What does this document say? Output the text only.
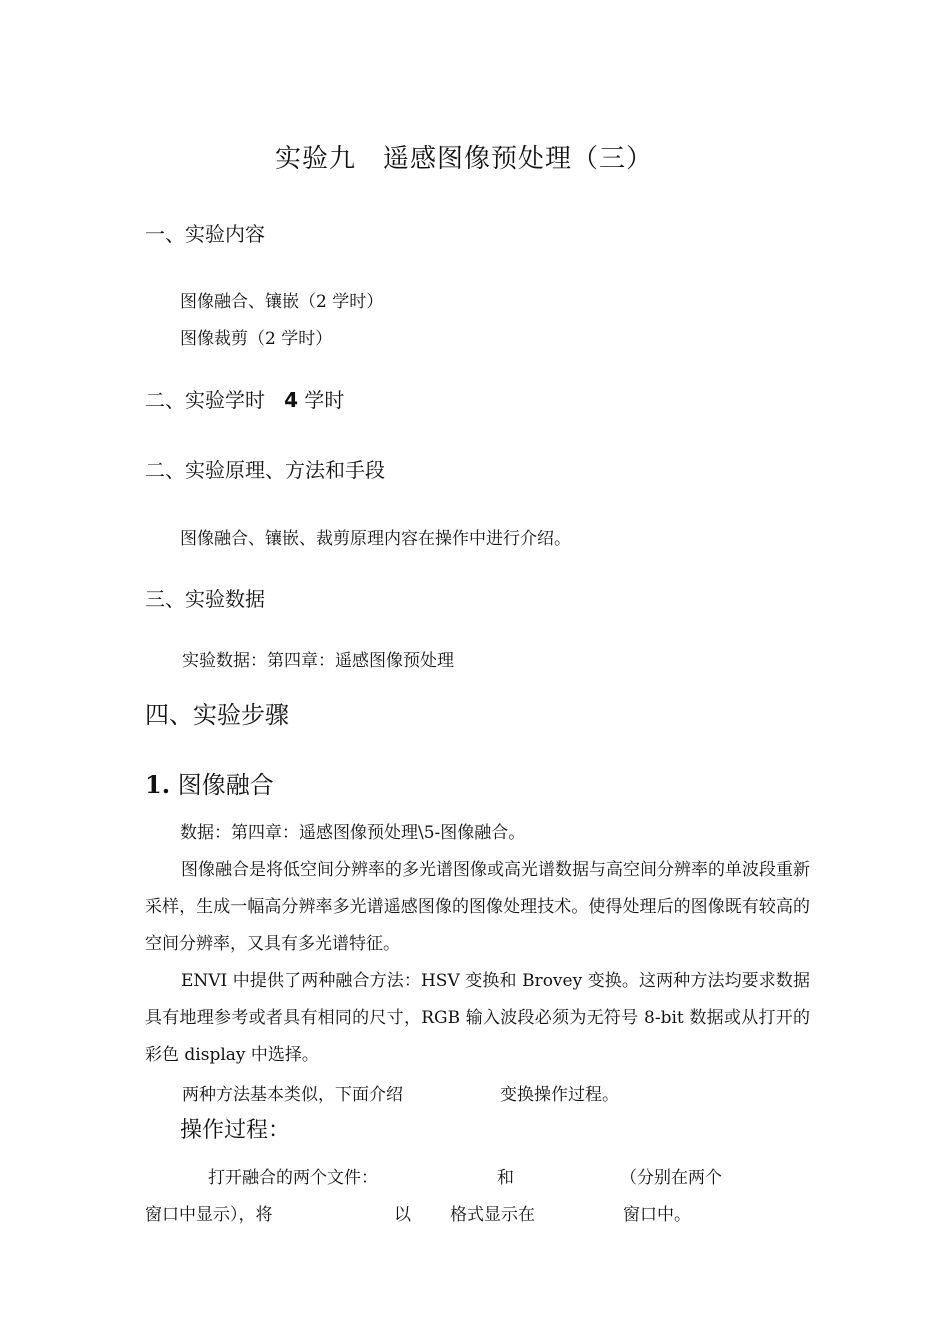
实验九　遥感图像预处理（三）
一、实验内容
图像融合、镶嵌（2 学时）
图像裁剪（2 学时）
二、实验学时 4 学时
二、实验原理、方法和手段
图像融合、镶嵌、裁剪原理内容在操作中进行介绍。
三、实验数据
实验数据：第四章：遥感图像预处理
四、实验步骤
1. 图像融合
数据：第四章：遥感图像预处理\5-图像融合。
图像融合是将低空间分辨率的多光谱图像或高光谱数据与高空间分辨率的单波段重新采样，生成一幅高分辨率多光谱遥感图像的图像处理技术。使得处理后的图像既有较高的空间分辨率，又具有多光谱特征。
ENVI 中提供了两种融合方法：HSV 变换和 Brovey 变换。这两种方法均要求数据具有地理参考或者具有相同的尺寸，RGB 输入波段必须为无符号 8-bit 数据或从打开的彩色 display 中选择。
两种方法基本类似，下面介绍	变换操作过程。
操作过程：
打开融合的两个文件：	和	（分别在两个
窗口中显示），将	以 格式显示在	窗口中。
